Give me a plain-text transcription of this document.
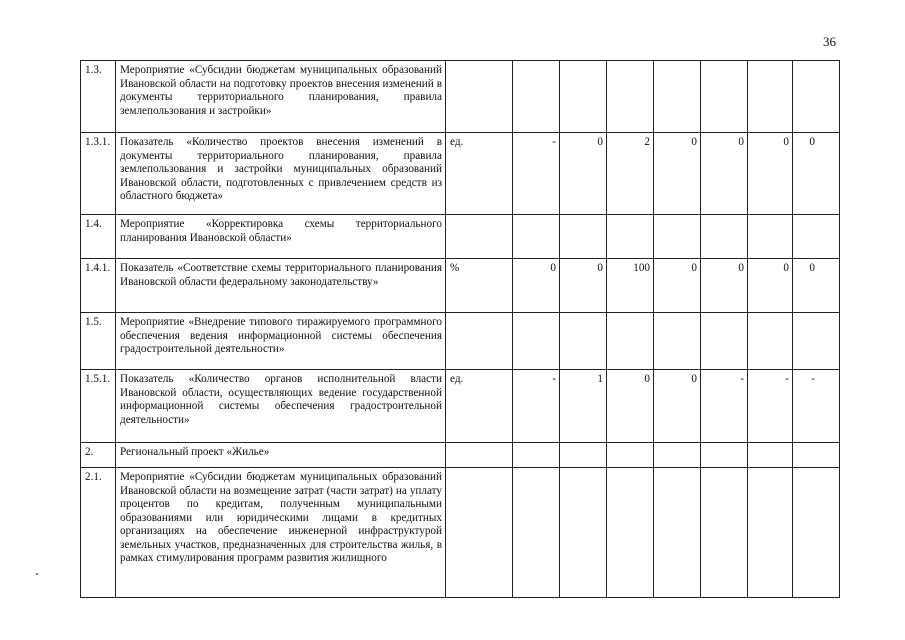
36
1.3.	Мероприятие «Субсидии бюджетам муниципальных образований Ивановской области на подготовку проектов внесения изменений в документы территориального планирования, правила землепользования и застройки»								
1.3.1.	Показатель «Количество проектов внесения изменений в документы территориального планирования, правила землепользования и застройки муниципальных образований Ивановской области, подготовленных с привлечением средств из областного бюджета»	ед.	-	0	2	0	0	0	0
1.4.	Мероприятие «Корректировка схемы территориального планирования Ивановской области»								
1.4.1.	Показатель «Соответствие схемы территориального планирования Ивановской области федеральному законодательству»	%	0	0	100	0	0	0	0
1.5.	Мероприятие «Внедрение типового тиражируемого программного обеспечения ведения информационной системы обеспечения градостроительной деятельности»								
1.5.1.	Показатель «Количество органов исполнительной власти Ивановской области, осуществляющих ведение государственной информационной системы обеспечения градостроительной деятельности»	ед.	-	1	0	0	-	-	-
2.	Региональный проект «Жилье»								
2.1.	Мероприятие «Субсидии бюджетам муниципальных образований Ивановской области на возмещение затрат (части затрат) на уплату процентов по кредитам, полученным муниципальными образованиями или юридическими лицами в кредитных организациях на обеспечение инженерной инфраструктурой земельных участков, предназначенных для строительства жилья, в рамках стимулирования программ развития жилищного								
